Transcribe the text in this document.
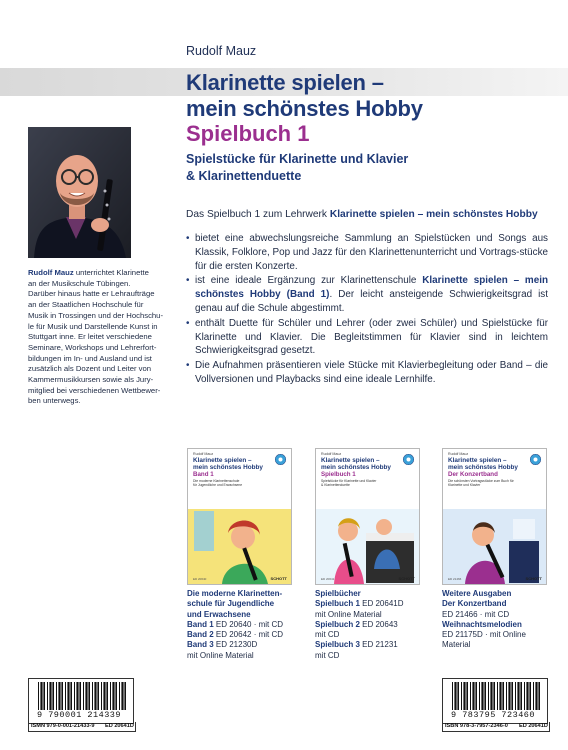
Rudolf Mauz
Klarinette spielen –
mein schönstes Hobby
Spielbuch 1
Spielstücke für Klarinette und Klavier
& Klarinettenduette
Rudolf Mauz unterrichtet Klarinette
an der Musikschule Tübingen.
Darüber hinaus hatte er Lehraufträge
an der Staatlichen Hochschule für
Musik in Trossingen und der Hochschu-
le für Musik und Darstellende Kunst in
Stuttgart inne. Er leitet verschiedene
Seminare, Workshops und Lehrerfort-
bildungen im In- und Ausland und ist
zusätzlich als Dozent und Leiter von
Kammermusikkursen sowie als Jury-
mitglied bei verschiedenen Wettbewer-
ben unterwegs.
Das Spielbuch 1 zum Lehrwerk Klarinette spielen – mein schönstes Hobby
• bietet eine abwechslungsreiche Sammlung an Spielstücken und Songs aus Klassik, Folklore, Pop und Jazz für den Klarinettenunterricht und Vortrags-stücke für die ersten Konzerte.
• ist eine ideale Ergänzung zur Klarinettenschule Klarinette spielen – mein schönstes Hobby (Band 1). Der leicht ansteigende Schwierigkeitsgrad ist genau auf die Schule abgestimmt.
• enthält Duette für Schüler und Lehrer (oder zwei Schüler) und Spielstücke für Klarinette und Klavier. Die Begleitstimmen für Klavier sind in leichtem Schwierigkeitsgrad gesetzt.
• Die Aufnahmen präsentieren viele Stücke mit Klavierbegleitung oder Band – die Vollversionen und Playbacks sind eine ideale Lernhilfe.
Rudolf Mauz
Klarinette spielen –
mein schönstes Hobby
Band 1
Die moderne Klarinettenschule
für Jugendliche und Erwachsene
ED 20640	SCHOTT
Rudolf Mauz
Klarinette spielen –
mein schönstes Hobby
Spielbuch 1
Spielstücke für Klarinette und Klavier
& Klarinettenduette
ED 20641	SCHOTT
Rudolf Mauz
Klarinette spielen –
mein schönstes Hobby
Der Konzertband
Die schönsten Vortragsstücke zum Buch für
Klarinette und Klavier
ED 21466	SCHOTT
Die moderne Klarinetten-
schule für Jugendliche
und Erwachsene
Band 1 ED 20640 · mit CD
Band 2 ED 20642 · mit CD
Band 3 ED 21230D
mit Online Material
Spielbücher
Spielbuch 1 ED 20641D
mit Online Material
Spielbuch 2 ED 20643
mit CD
Spielbuch 3 ED 21231
mit CD
Weitere Ausgaben
Der Konzertband
ED 21466 · mit CD
Weihnachtsmelodien
ED 21175D · mit Online
Material
9 790001 214339
ISMN 979-0-001-21433-9 ED 20641D
9 783795 723460
ISBN 978-3-7957-2346-0 ED 20641D
